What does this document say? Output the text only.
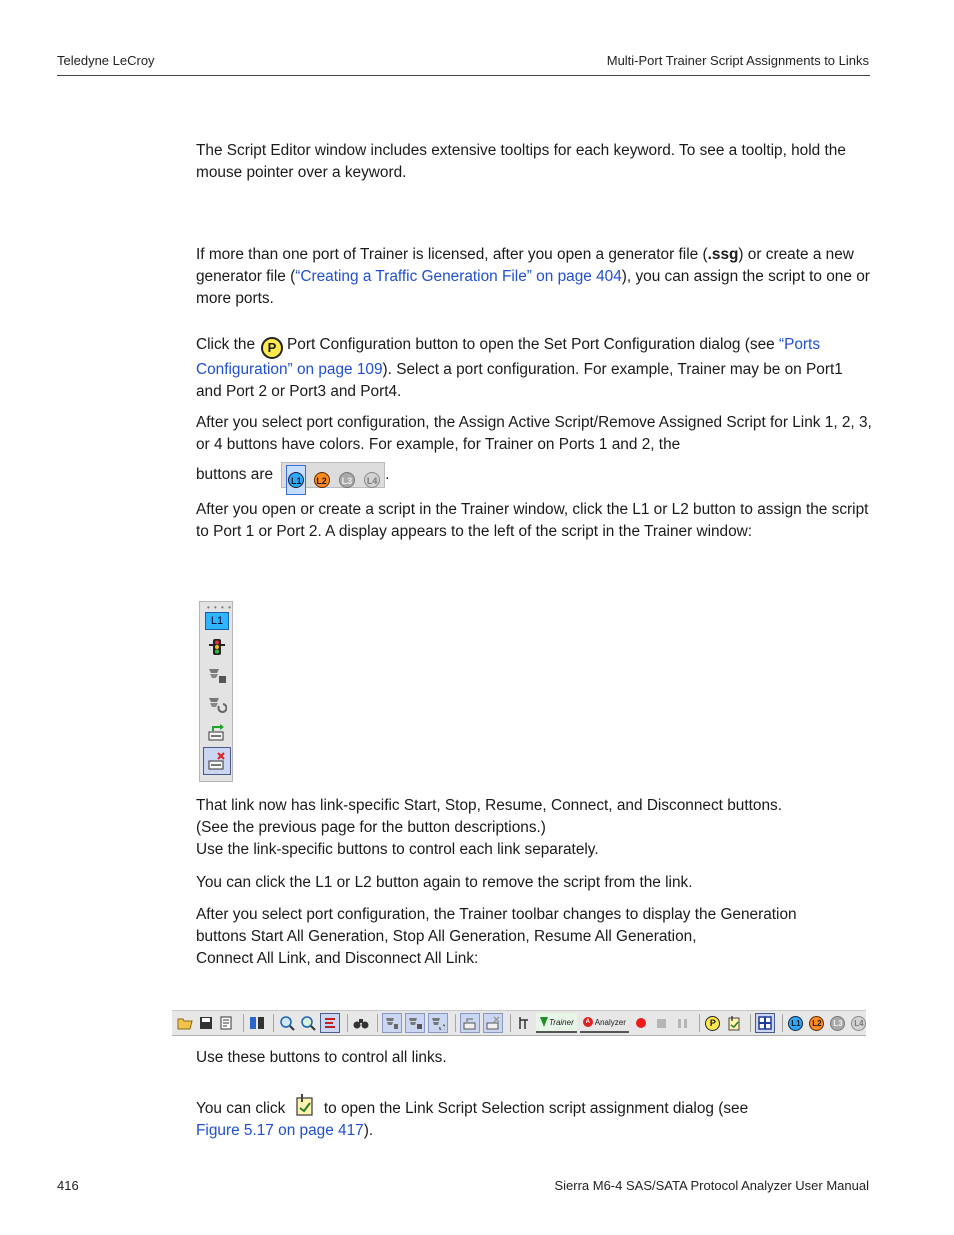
Teledyne LeCroy	Multi-Port Trainer Script Assignments to Links
The Script Editor window includes extensive tooltips for each keyword. To see a tooltip, hold the mouse pointer over a keyword.
If more than one port of Trainer is licensed, after you open a generator file (.ssg) or create a new generator file (“Creating a Traffic Generation File” on page 404), you can assign the script to one or more ports.
Click the P Port Configuration button to open the Set Port Configuration dialog (see “Ports Configuration” on page 109). Select a port configuration. For example, Trainer may be on Port1 and Port 2 or Port3 and Port4.
After you select port configuration, the Assign Active Script/Remove Assigned Script for Link 1, 2, 3, or 4 buttons have colors. For example, for Trainer on Ports 1 and 2, the
buttons are L1 L2 L3 L4 .
After you open or create a script in the Trainer window, click the L1 or L2 button to assign the script to Port 1 or Port 2. A display appears to the left of the script in the Trainer window:
• • • •
L1
That link now has link-specific Start, Stop, Resume, Connect, and Disconnect buttons.
(See the previous page for the button descriptions.)
Use the link-specific buttons to control each link separately.
You can click the L1 or L2 button again to remove the script from the link.
After you select port configuration, the Trainer toolbar changes to display the Generation
buttons Start All Generation, Stop All Generation, Resume All Generation,
Connect All Link, and Disconnect All Link:
Trainer	A Analyzer	P	L1	L2	L3	L4
Use these buttons to control all links.
You can click	to open the Link Script Selection script assignment dialog (see
Figure 5.17 on page 417).
416	Sierra M6-4 SAS/SATA Protocol Analyzer User Manual
